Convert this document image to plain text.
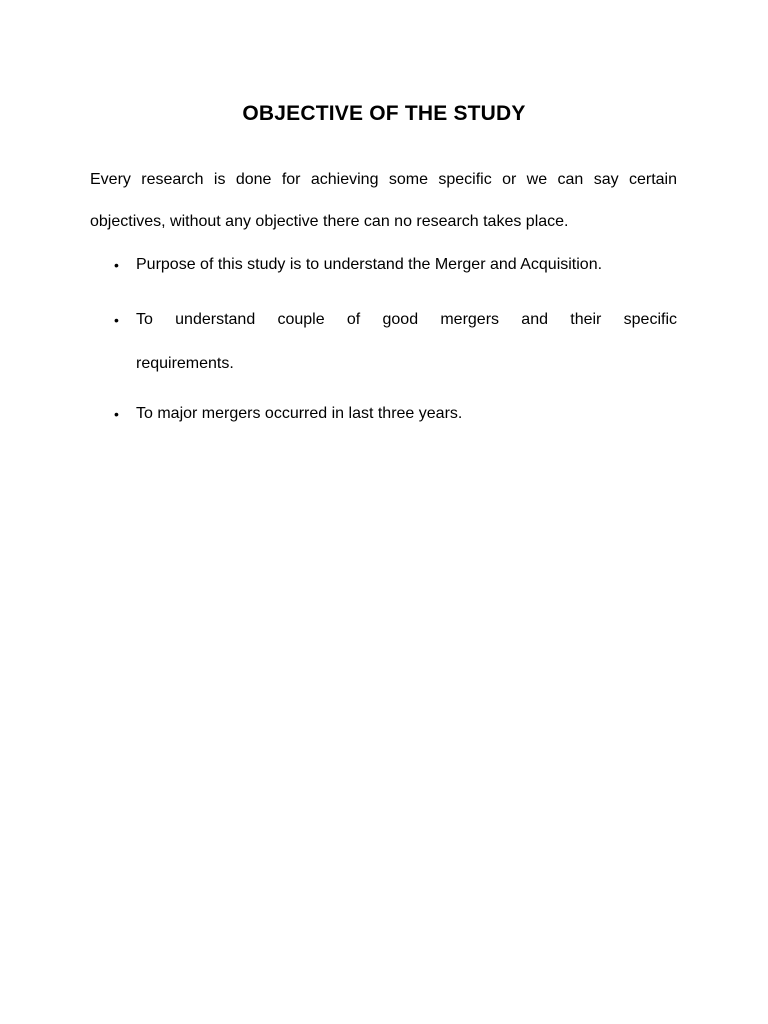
OBJECTIVE OF THE STUDY
Every research is done for achieving some specific or we can say certain
objectives, without any objective there can no research takes place.
•	Purpose of this study is to understand the Merger and Acquisition.
•	To understand couple of good mergers and their specific
requirements.
•	To major mergers occurred in last three years.
